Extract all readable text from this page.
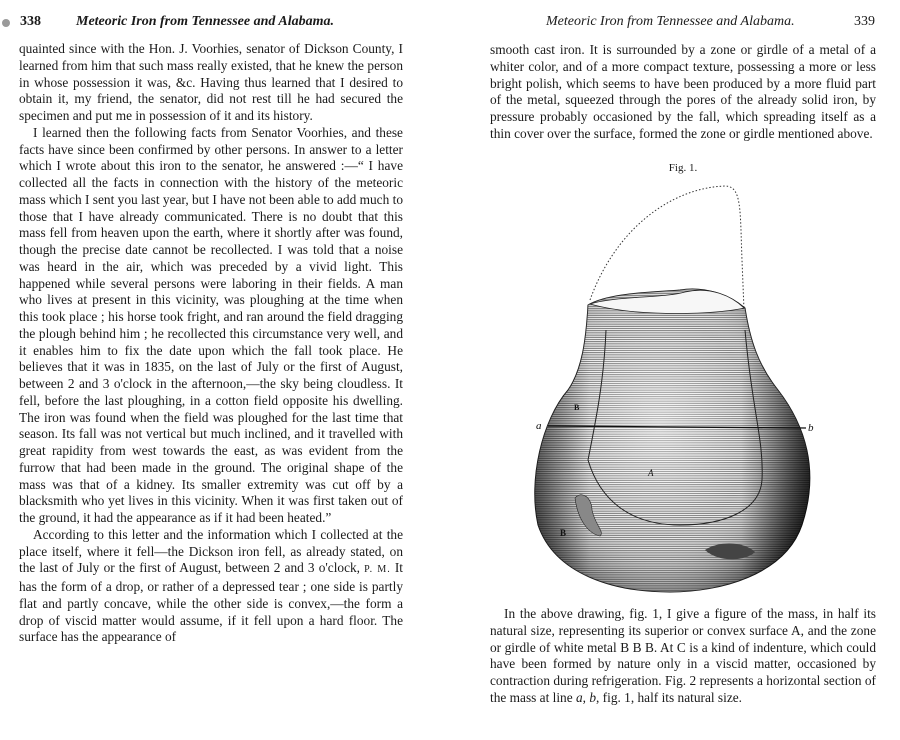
338	Meteoric Iron from Tennessee and Alabama.

quainted since with the Hon. J. Voorhies, senator of Dickson County, I learned from him that such mass really existed, that he knew the person in whose possession it was, &c. Having thus learned that I desired to obtain it, my friend, the senator, did not rest till he had secured the specimen and put me in possession of it and its history.

I learned then the following facts from Senator Voorhies, and these facts have since been confirmed by other persons. In answer to a letter which I wrote about this iron to the senator, he answered :—“ I have collected all the facts in connection with the history of the meteoric mass which I sent you last year, but I have not been able to add much to those that I have already communicated. There is no doubt that this mass fell from heaven upon the earth, where it shortly after was found, though the precise date cannot be recollected. I was told that a noise was heard in the air, which was preceded by a vivid light. This happened while several persons were laboring in their fields. A man who lives at present in this vicinity, was ploughing at the time when this took place ; his horse took fright, and ran around the field dragging the plough behind him ; he recollected this circumstance very well, and it enables him to fix the date upon which the fall took place. He believes that it was in 1835, on the last of July or the first of August, between 2 and 3 o'clock in the afternoon,—the sky being cloudless. It fell, before the last ploughing, in a cotton field opposite his dwelling. The iron was found when the field was ploughed for the last time that season. Its fall was not vertical but much inclined, and it travelled with great rapidity from west towards the east, as was evident from the furrow that had been made in the ground. The original shape of the mass was that of a kidney. Its smaller extremity was cut off by a blacksmith who yet lives in this vicinity. When it was first taken out of the ground, it had the appearance as if it had been heated.”

According to this letter and the information which I collected at the place itself, where it fell—the Dickson iron fell, as already stated, on the last of July or the first of August, between 2 and 3 o'clock, P. M. It has the form of a drop, or rather of a depressed tear ; one side is partly flat and partly concave, while the other side is convex,—the form a drop of viscid matter would assume, if it fell upon a hard floor. The surface has the appearance of

Meteoric Iron from Tennessee and Alabama.	339

smooth cast iron. It is surrounded by a zone or girdle of a metal of a whiter color, and of a more compact texture, possessing a more or less bright polish, which seems to have been produced by a more fluid part of the metal, squeezed through the pores of the already solid iron, by pressure probably occasioned by the fall, which spreading itself as a thin cover over the surface, formed the zone or girdle mentioned above.

Fig. 1.
a	b
A
B
B

In the above drawing, fig. 1, I give a figure of the mass, in half its natural size, representing its superior or convex surface A, and the zone or girdle of white metal B B B. At C is a kind of indenture, which could have been formed by nature only in a viscid matter, occasioned by contraction during refrigeration. Fig. 2 represents a horizontal section of the mass at line a, b, fig. 1, half its natural size.
